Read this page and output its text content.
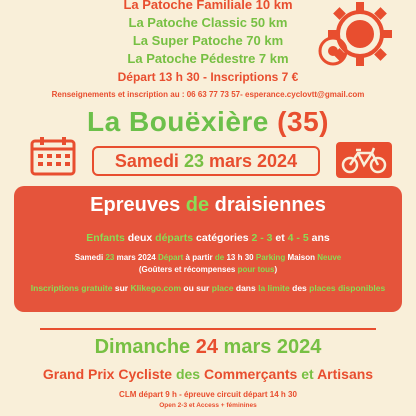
La Patoche Familiale 10 km
La Patoche Classic 50 km
La Super Patoche 70 km
La Patoche Pédestre 7 km
Départ 13 h 30 - Inscriptions 7 €
Renseignements et inscription au : 06 63 77 73 57- esperance.cyclovtt@gmail.com
La Bouëxière (35)
Samedi 23 mars 2024
Epreuves de draisiennes
Enfants deux départs catégories 2 - 3 et 4 - 5 ans
Samedi 23 mars 2024 Départ à partir de 13 h 30 Parking Maison Neuve
(Goûters et récompenses pour tous)
Inscriptions gratuite sur Klikego.com ou sur place dans la limite des places disponibles
Dimanche 24 mars 2024
Grand Prix Cycliste des Commerçants et Artisans
CLM départ 9 h - épreuve circuit départ 14 h 30
Open 2-3 et Access + féminines
